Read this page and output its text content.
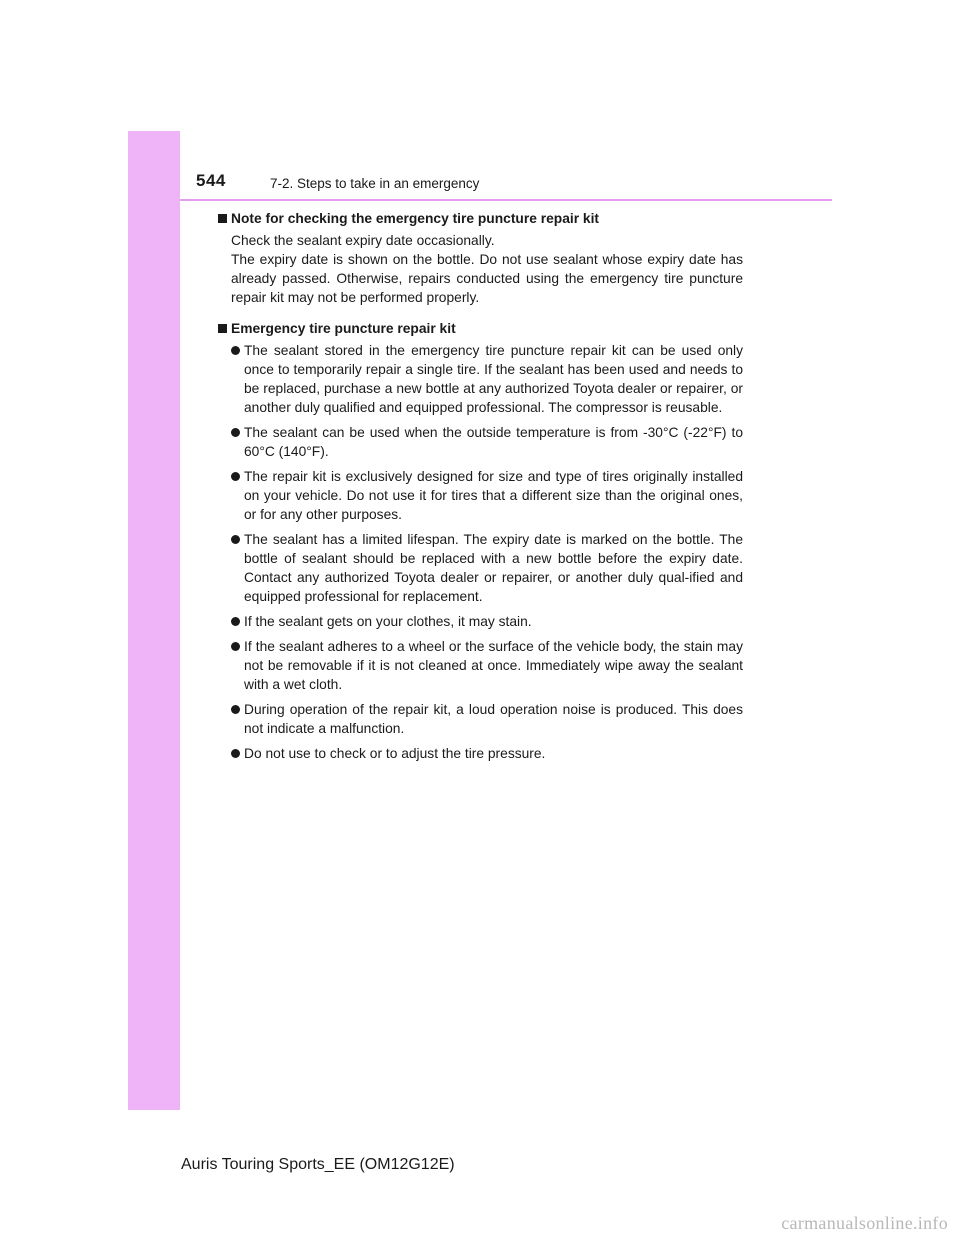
544	7-2. Steps to take in an emergency
Note for checking the emergency tire puncture repair kit
Check the sealant expiry date occasionally.
The expiry date is shown on the bottle. Do not use sealant whose expiry date has already passed. Otherwise, repairs conducted using the emergency tire puncture repair kit may not be performed properly.
Emergency tire puncture repair kit
The sealant stored in the emergency tire puncture repair kit can be used only once to temporarily repair a single tire. If the sealant has been used and needs to be replaced, purchase a new bottle at any authorized Toyota dealer or repairer, or another duly qualified and equipped professional. The compressor is reusable.
The sealant can be used when the outside temperature is from -30°C (-22°F) to 60°C (140°F).
The repair kit is exclusively designed for size and type of tires originally installed on your vehicle. Do not use it for tires that a different size than the original ones, or for any other purposes.
The sealant has a limited lifespan. The expiry date is marked on the bottle. The bottle of sealant should be replaced with a new bottle before the expiry date. Contact any authorized Toyota dealer or repairer, or another duly qual-ified and equipped professional for replacement.
If the sealant gets on your clothes, it may stain.
If the sealant adheres to a wheel or the surface of the vehicle body, the stain may not be removable if it is not cleaned at once. Immediately wipe away the sealant with a wet cloth.
During operation of the repair kit, a loud operation noise is produced. This does not indicate a malfunction.
Do not use to check or to adjust the tire pressure.
Auris Touring Sports_EE (OM12G12E)
carmanualsonline.info
